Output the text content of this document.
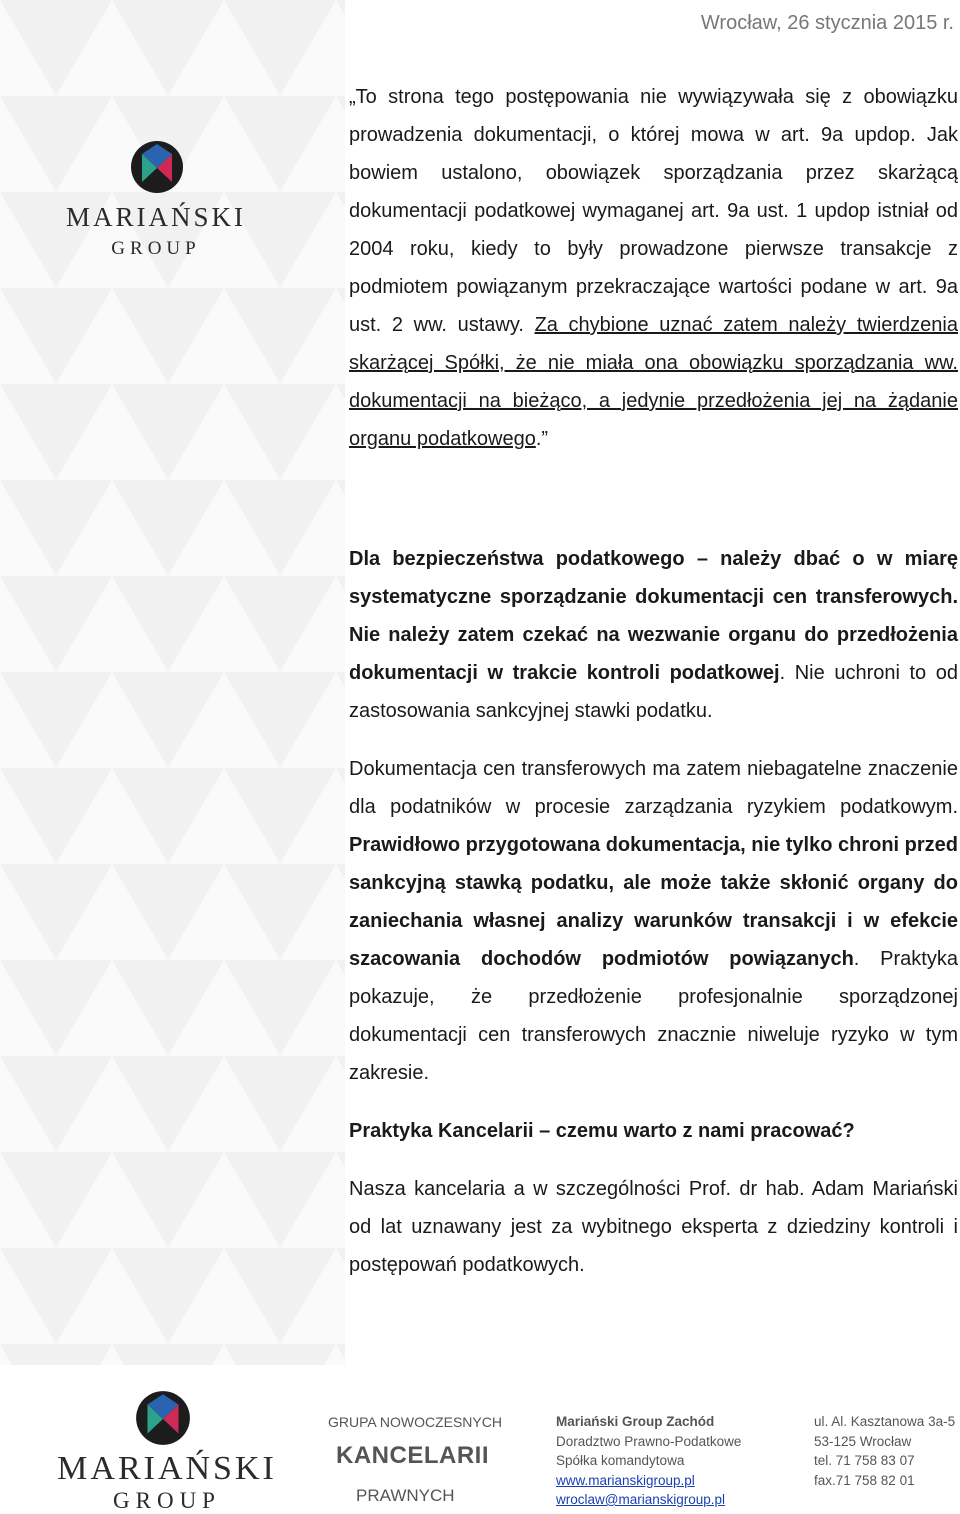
Wrocław, 26 stycznia 2015 r.
MARIAŃSKI
GROUP

„To strona tego postępowania nie wywiązywała się z obowiązku prowadzenia dokumentacji, o której mowa w art. 9a updop. Jak bowiem ustalono, obowiązek sporządzania przez skarżącą dokumentacji podatkowej wymaganej art. 9a ust. 1 updop istniał od 2004 roku, kiedy to były prowadzone pierwsze transakcje z podmiotem powiązanym przekraczające wartości podane w art. 9a ust. 2 ww. ustawy. Za chybione uznać zatem należy twierdzenia skarżącej Spółki, że nie miała ona obowiązku sporządzania ww. dokumentacji na bieżąco, a jedynie przedłożenia jej na żądanie organu podatkowego.”

Dla bezpieczeństwa podatkowego – należy dbać o w miarę systematyczne sporządzanie dokumentacji cen transferowych. Nie należy zatem czekać na wezwanie organu do przedłożenia dokumentacji w trakcie kontroli podatkowej. Nie uchroni to od zastosowania sankcyjnej stawki podatku.

Dokumentacja cen transferowych ma zatem niebagatelne znaczenie dla podatników w procesie zarządzania ryzykiem podatkowym. Prawidłowo przygotowana dokumentacja, nie tylko chroni przed sankcyjną stawką podatku, ale może także skłonić organy do zaniechania własnej analizy warunków transakcji i w efekcie szacowania dochodów podmiotów powiązanych. Praktyka pokazuje, że przedłożenie profesjonalnie sporządzonej dokumentacji cen transferowych znacznie niweluje ryzyko w tym zakresie.

Praktyka Kancelarii – czemu warto z nami pracować?

Nasza kancelaria a w szczególności Prof. dr hab. Adam Mariański od lat uznawany jest za wybitnego eksperta z dziedziny kontroli i postępowań podatkowych.

MARIAŃSKI
GROUP
GRUPA NOWOCZESNYCH
KANCELARII
PRAWNYCH
Mariański Group Zachód
Doradztwo Prawno-Podatkowe
Spółka komandytowa
www.marianskigroup.pl
wroclaw@marianskigroup.pl
ul. Al. Kasztanowa 3a-5
53-125 Wrocław
tel. 71 758 83 07
fax.71 758 82 01
